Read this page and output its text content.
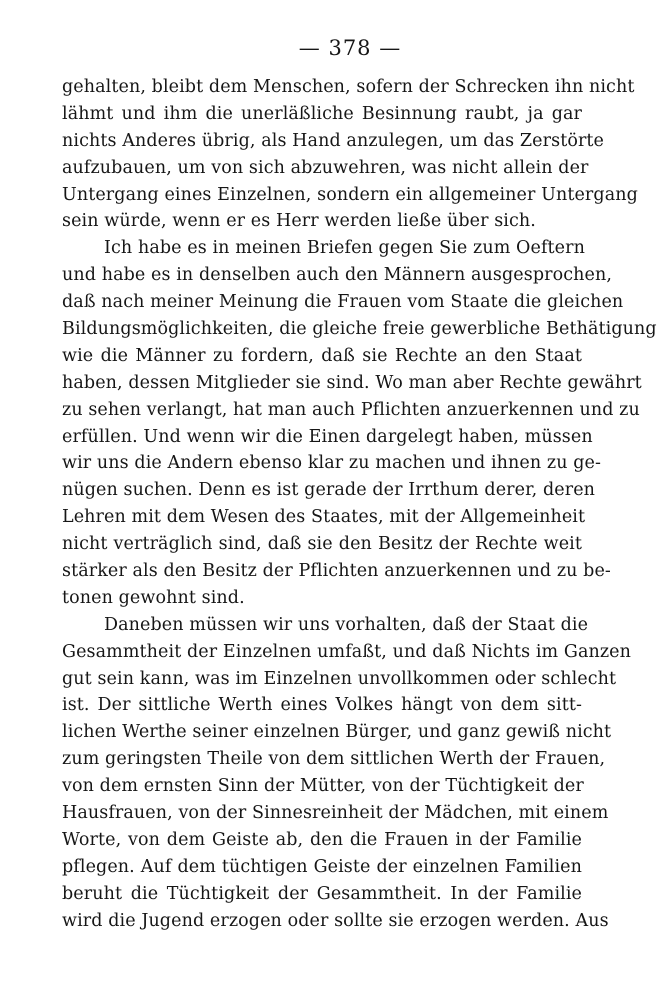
— 378 —
gehalten, bleibt dem Menschen, sofern der Schrecken ihn nicht
lähmt und ihm die unerläßliche Besinnung raubt, ja gar
nichts Anderes übrig, als Hand anzulegen, um das Zerstörte
aufzubauen, um von sich abzuwehren, was nicht allein der
Untergang eines Einzelnen, sondern ein allgemeiner Untergang
sein würde, wenn er es Herr werden ließe über sich.
Ich habe es in meinen Briefen gegen Sie zum Oeftern
und habe es in denselben auch den Männern ausgesprochen,
daß nach meiner Meinung die Frauen vom Staate die gleichen
Bildungsmöglichkeiten, die gleiche freie gewerbliche Bethätigung
wie die Männer zu fordern, daß sie Rechte an den Staat
haben, dessen Mitglieder sie sind. Wo man aber Rechte gewährt
zu sehen verlangt, hat man auch Pflichten anzuerkennen und zu
erfüllen. Und wenn wir die Einen dargelegt haben, müssen
wir uns die Andern ebenso klar zu machen und ihnen zu ge-
nügen suchen. Denn es ist gerade der Irrthum derer, deren
Lehren mit dem Wesen des Staates, mit der Allgemeinheit
nicht verträglich sind, daß sie den Besitz der Rechte weit
stärker als den Besitz der Pflichten anzuerkennen und zu be-
tonen gewohnt sind.
Daneben müssen wir uns vorhalten, daß der Staat die
Gesammtheit der Einzelnen umfaßt, und daß Nichts im Ganzen
gut sein kann, was im Einzelnen unvollkommen oder schlecht
ist. Der sittliche Werth eines Volkes hängt von dem sitt-
lichen Werthe seiner einzelnen Bürger, und ganz gewiß nicht
zum geringsten Theile von dem sittlichen Werth der Frauen,
von dem ernsten Sinn der Mütter, von der Tüchtigkeit der
Hausfrauen, von der Sinnesreinheit der Mädchen, mit einem
Worte, von dem Geiste ab, den die Frauen in der Familie
pflegen. Auf dem tüchtigen Geiste der einzelnen Familien
beruht die Tüchtigkeit der Gesammtheit. In der Familie
wird die Jugend erzogen oder sollte sie erzogen werden. Aus
